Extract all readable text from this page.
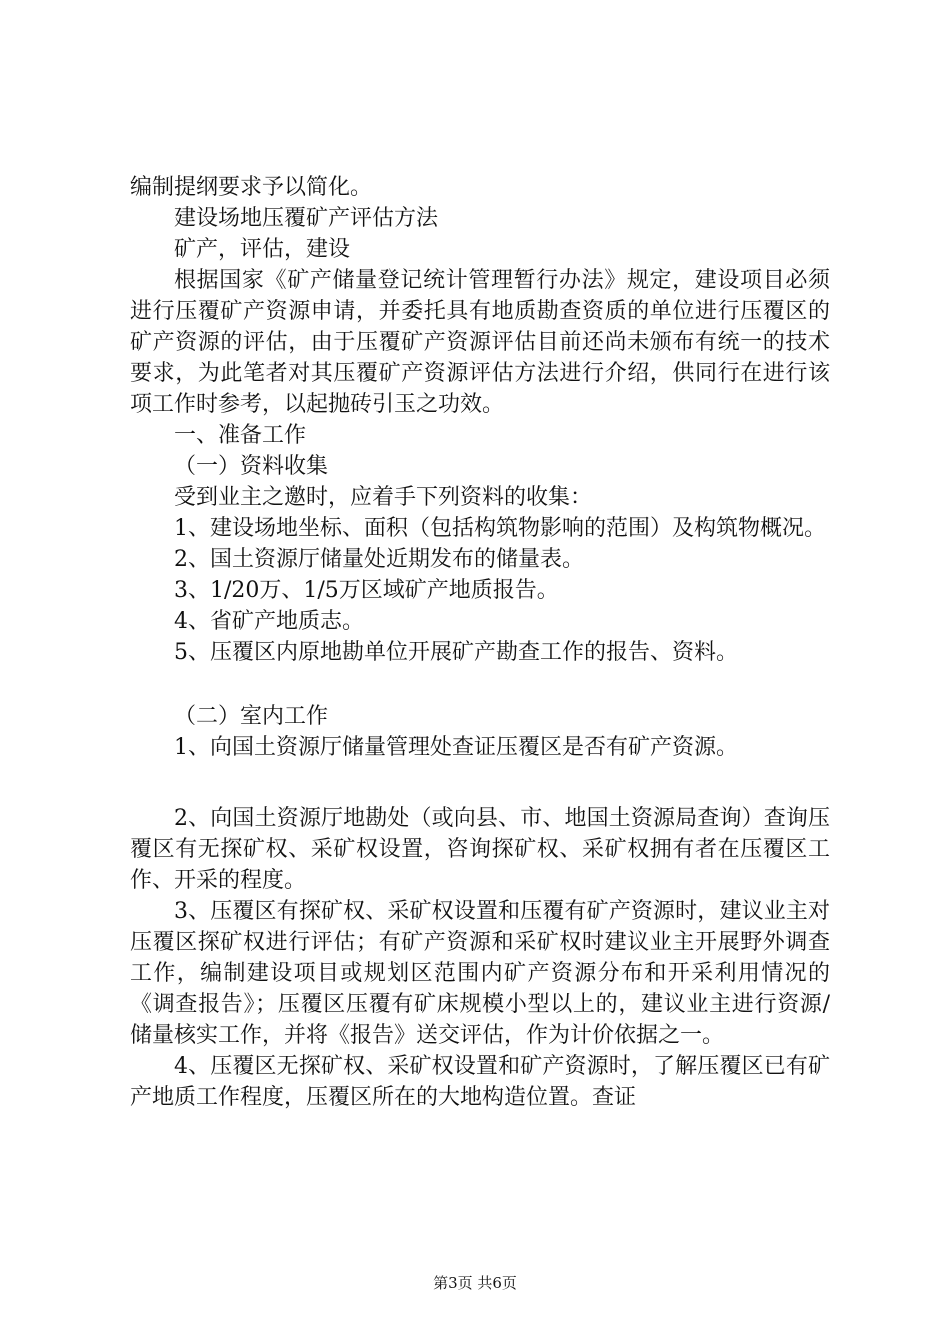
编制提纲要求予以简化。

建设场地压覆矿产评估方法

矿产，评估，建设

根据国家《矿产储量登记统计管理暂行办法》规定，建设项目必须进行压覆矿产资源申请，并委托具有地质勘查资质的单位进行压覆区的矿产资源的评估，由于压覆矿产资源评估目前还尚未颁布有统一的技术要求，为此笔者对其压覆矿产资源评估方法进行介绍，供同行在进行该项工作时参考，以起抛砖引玉之功效。

一、准备工作

（一）资料收集

受到业主之邀时，应着手下列资料的收集：

1、建设场地坐标、面积（包括构筑物影响的范围）及构筑物概况。

2、国土资源厅储量处近期发布的储量表。

3、1/20万、1/5万区域矿产地质报告。

4、省矿产地质志。

5、压覆区内原地勘单位开展矿产勘查工作的报告、资料。

（二）室内工作

1、向国土资源厅储量管理处查证压覆区是否有矿产资源。

2、向国土资源厅地勘处（或向县、市、地国土资源局查询）查询压覆区有无探矿权、采矿权设置，咨询探矿权、采矿权拥有者在压覆区工作、开采的程度。

3、压覆区有探矿权、采矿权设置和压覆有矿产资源时，建议业主对压覆区探矿权进行评估；有矿产资源和采矿权时建议业主开展野外调查工作，编制建设项目或规划区范围内矿产资源分布和开采利用情况的《调查报告》；压覆区压覆有矿床规模小型以上的，建议业主进行资源/储量核实工作，并将《报告》送交评估，作为计价依据之一。

4、压覆区无探矿权、采矿权设置和矿产资源时，了解压覆区已有矿产地质工作程度，压覆区所在的大地构造位置。查证

第3页 共6页
